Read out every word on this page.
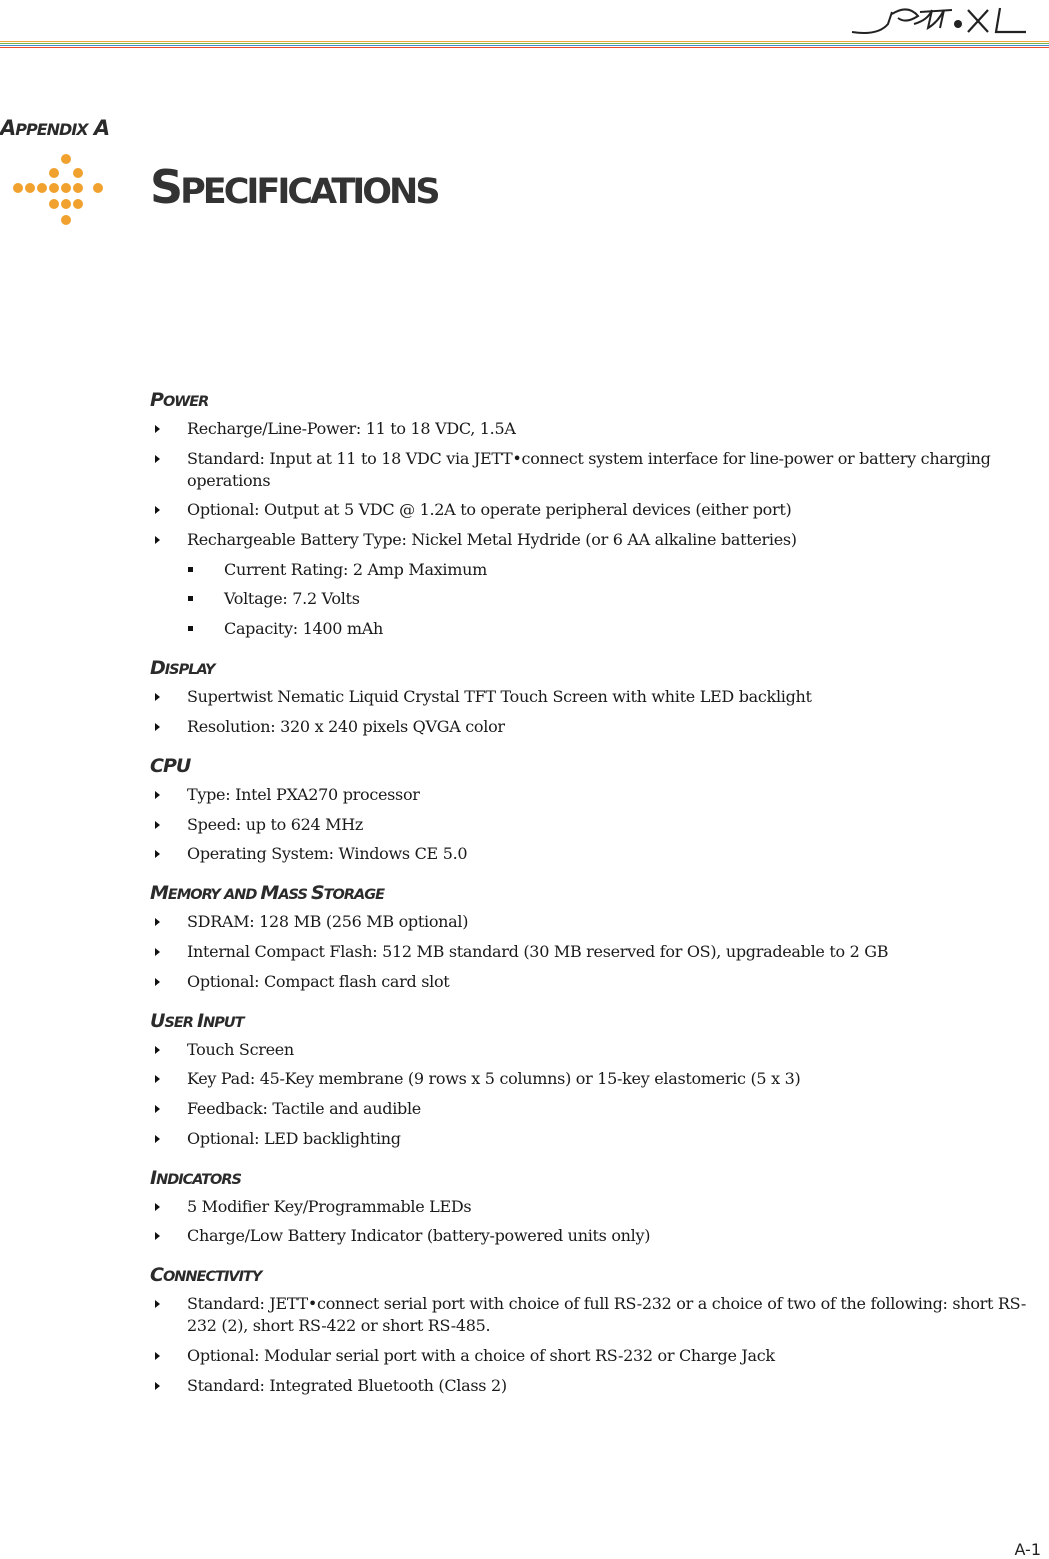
APPENDIX A
SPECIFICATIONS
POWER
Recharge/Line-Power: 11 to 18 VDC, 1.5A
Standard: Input at 11 to 18 VDC via JETT•connect system interface for line-power or battery charging operations
Optional: Output at 5 VDC @ 1.2A to operate peripheral devices (either port)
Rechargeable Battery Type: Nickel Metal Hydride (or 6 AA alkaline batteries)
Current Rating: 2 Amp Maximum
Voltage: 7.2 Volts
Capacity: 1400 mAh
DISPLAY
Supertwist Nematic Liquid Crystal TFT Touch Screen with white LED backlight
Resolution: 320 x 240 pixels QVGA color
CPU
Type: Intel PXA270 processor
Speed: up to 624 MHz
Operating System: Windows CE 5.0
MEMORY AND MASS STORAGE
SDRAM: 128 MB (256 MB optional)
Internal Compact Flash: 512 MB standard (30 MB reserved for OS), upgradeable to 2 GB
Optional: Compact flash card slot
USER INPUT
Touch Screen
Key Pad: 45-Key membrane (9 rows x 5 columns) or 15-key elastomeric (5 x 3)
Feedback: Tactile and audible
Optional: LED backlighting
INDICATORS
5 Modifier Key/Programmable LEDs
Charge/Low Battery Indicator (battery-powered units only)
CONNECTIVITY
Standard: JETT•connect serial port with choice of full RS-232 or a choice of two of the following: short RS-232 (2), short RS-422 or short RS-485.
Optional: Modular serial port with a choice of short RS-232 or Charge Jack
Standard: Integrated Bluetooth (Class 2)
A-1
